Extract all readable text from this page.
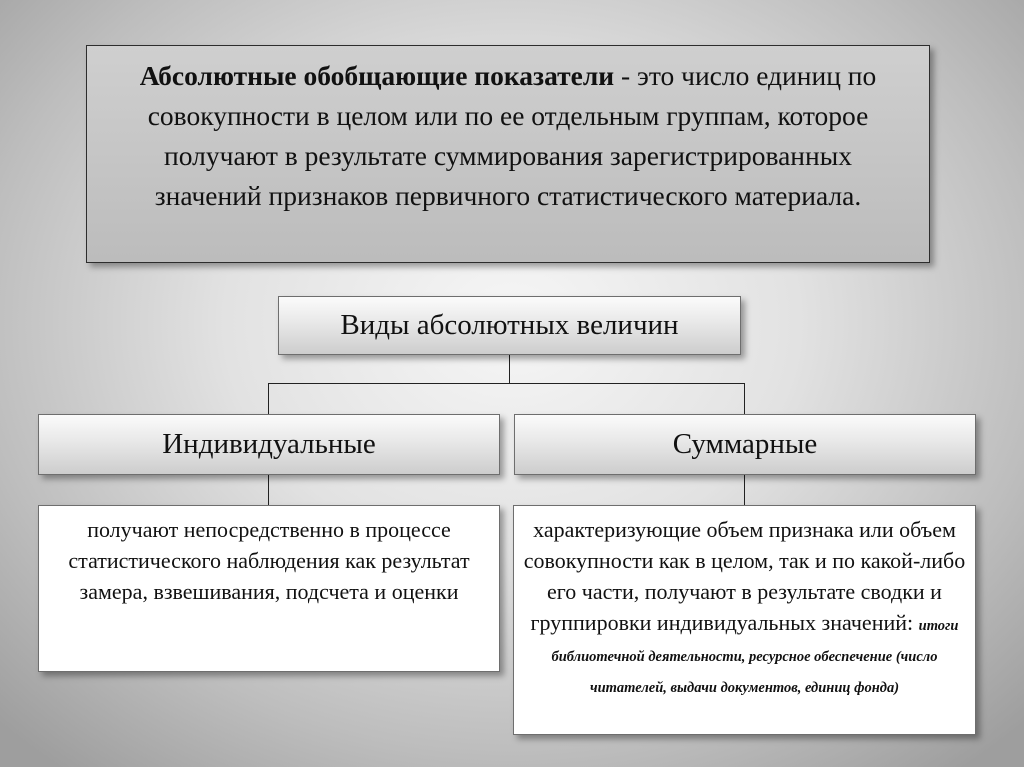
Абсолютные обобщающие показатели - это число единиц по совокупности в целом или по ее отдельным группам, которое получают в результате суммирования зарегистрированных значений признаков первичного статистического материала.
Виды абсолютных величин
Индивидуальные	Суммарные
получают непосредственно в процессе статистического наблюдения как результат замера, взвешивания, подсчета и оценки
характеризующие объем признака или объем совокупности как в целом, так и по какой-либо его части, получают в результате сводки и группировки индивидуальных значений: итоги библиотечной деятельности, ресурсное обеспечение (число читателей, выдачи документов, единиц фонда)
